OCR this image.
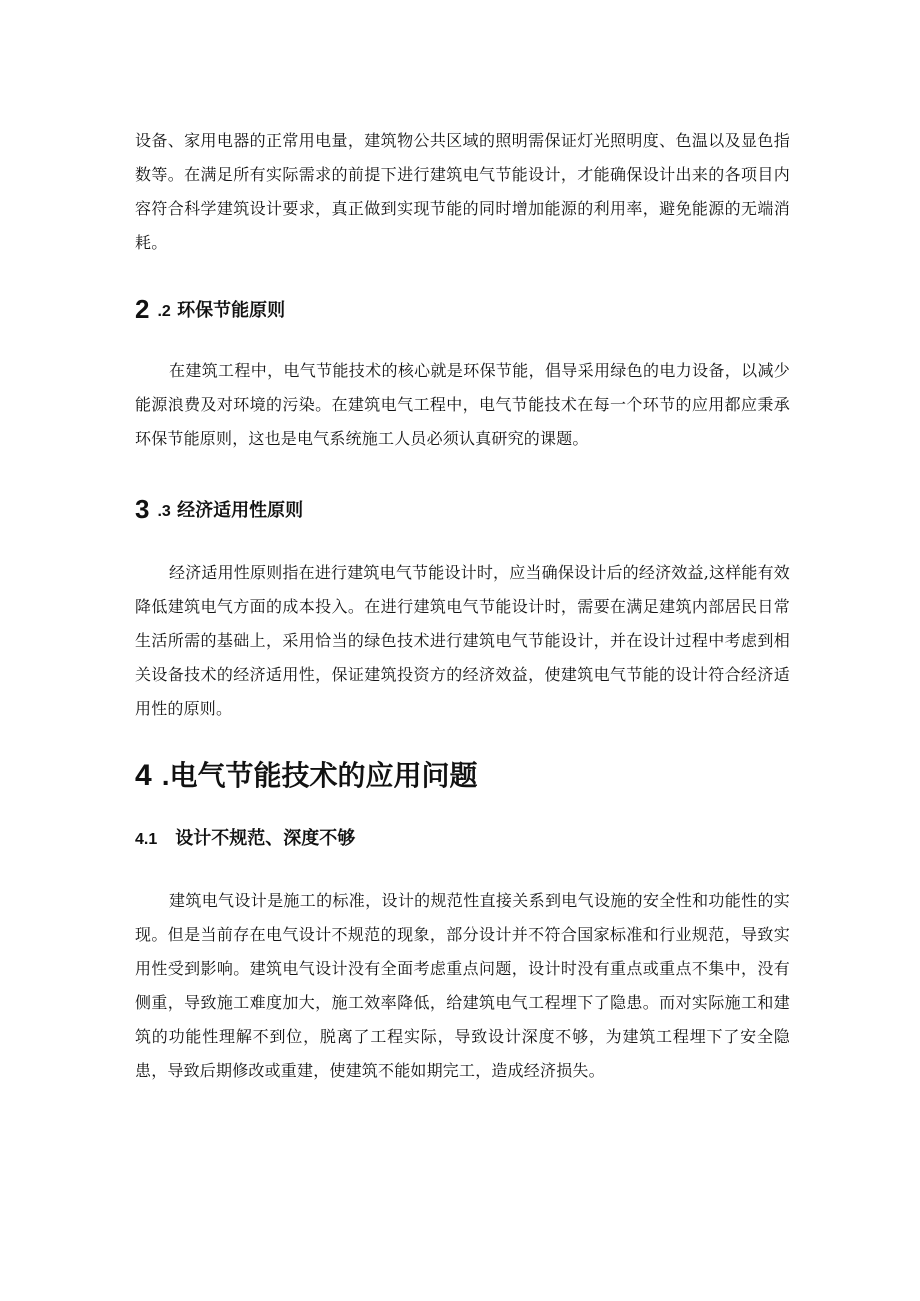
设备、家用电器的正常用电量，建筑物公共区域的照明需保证灯光照明度、色温以及显色指数等。在满足所有实际需求的前提下进行建筑电气节能设计，才能确保设计出来的各项目内容符合科学建筑设计要求，真正做到实现节能的同时增加能源的利用率，避免能源的无端消耗。

2 .2 环保节能原则

在建筑工程中，电气节能技术的核心就是环保节能，倡导采用绿色的电力设备，以减少能源浪费及对环境的污染。在建筑电气工程中，电气节能技术在每一个环节的应用都应秉承环保节能原则，这也是电气系统施工人员必须认真研究的课题。

3 .3 经济适用性原则

经济适用性原则指在进行建筑电气节能设计时，应当确保设计后的经济效益,这样能有效降低建筑电气方面的成本投入。在进行建筑电气节能设计时，需要在满足建筑内部居民日常生活所需的基础上，采用恰当的绿色技术进行建筑电气节能设计，并在设计过程中考虑到相关设备技术的经济适用性，保证建筑投资方的经济效益，使建筑电气节能的设计符合经济适用性的原则。

4 .电气节能技术的应用问题
4.1 设计不规范、深度不够

建筑电气设计是施工的标准，设计的规范性直接关系到电气设施的安全性和功能性的实现。但是当前存在电气设计不规范的现象，部分设计并不符合国家标准和行业规范，导致实用性受到影响。建筑电气设计没有全面考虑重点问题，设计时没有重点或重点不集中，没有侧重，导致施工难度加大，施工效率降低，给建筑电气工程埋下了隐患。而对实际施工和建筑的功能性理解不到位，脱离了工程实际，导致设计深度不够，为建筑工程埋下了安全隐患，导致后期修改或重建，使建筑不能如期完工，造成经济损失。
